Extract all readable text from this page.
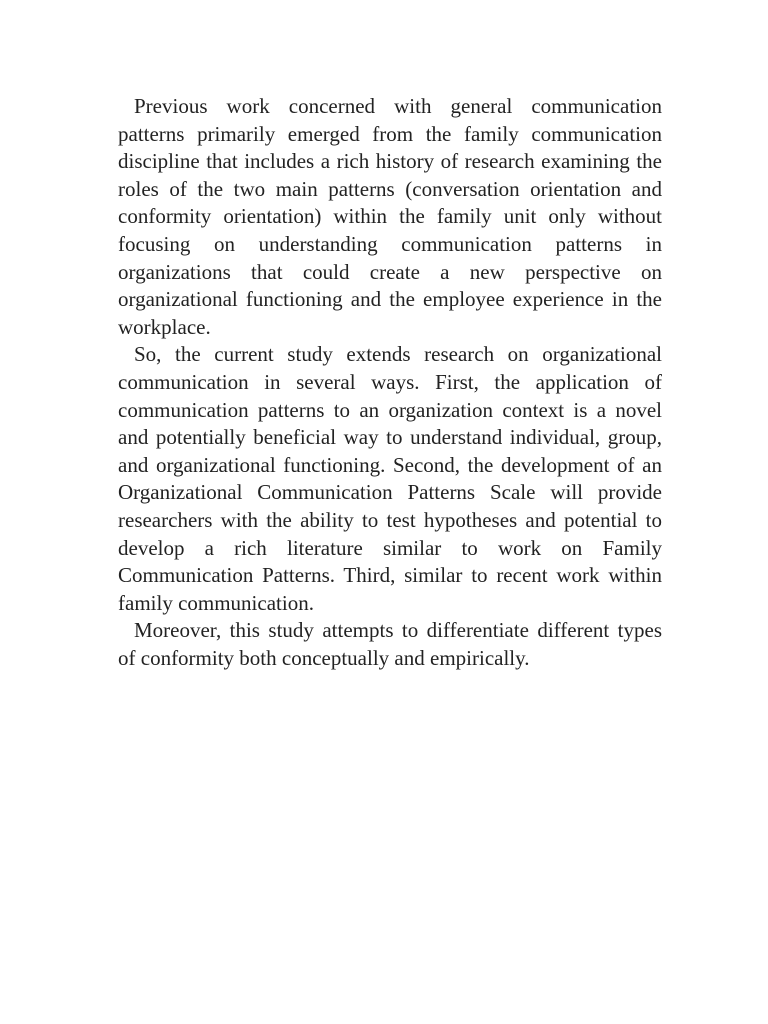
Previous work concerned with general communication patterns primarily emerged from the family communication discipline that includes a rich history of research examining the roles of the two main patterns (conversation orientation and conformity orientation) within the family unit only without focusing on understanding communication patterns in organizations that could create a new perspective on organizational functioning and the employee experience in the workplace.

So, the current study extends research on organizational communication in several ways. First, the application of communication patterns to an organization context is a novel and potentially beneficial way to understand individual, group, and organizational functioning. Second, the development of an Organizational Communication Patterns Scale will provide researchers with the ability to test hypotheses and potential to develop a rich literature similar to work on Family Communication Patterns. Third, similar to recent work within family communication.

Moreover, this study attempts to differentiate different types of conformity both conceptually and empirically.
